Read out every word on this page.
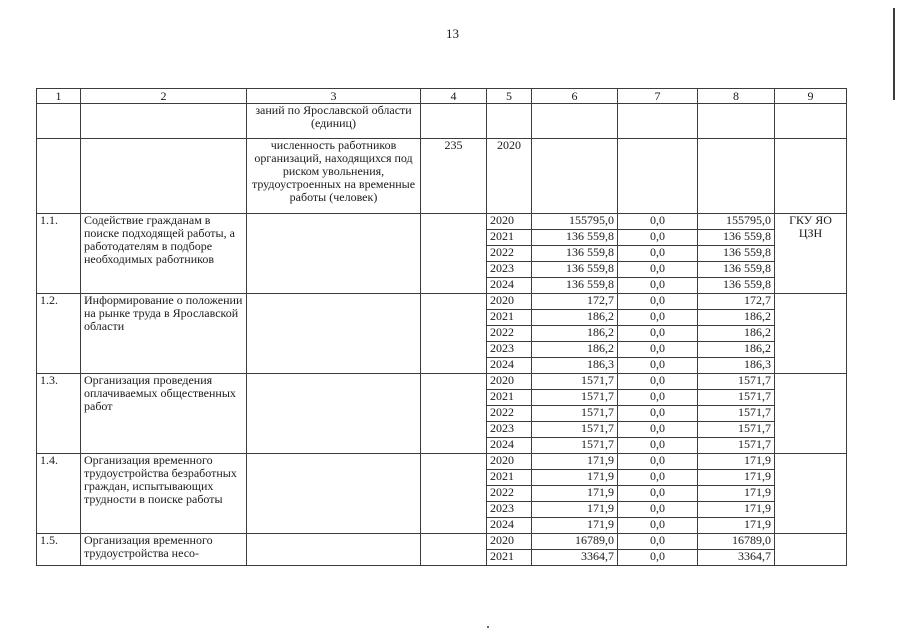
13
1	2	3	4	5	6	7	8	9
		заний по Ярославской области (единиц)						
		численность работников организаций, находящихся под риском увольнения, трудоустроенных на временные работы (человек)	235	2020				
1.1.	Содействие гражданам в поиске подходящей работы, а работодателям в подборе необходимых работников			2020	155795,0	0,0	155795,0	ГКУ ЯО ЦЗН
				2021	136 559,8	0,0	136 559,8	
				2022	136 559,8	0,0	136 559,8	
				2023	136 559,8	0,0	136 559,8	
				2024	136 559,8	0,0	136 559,8	
1.2.	Информирование о положении на рынке труда в Ярославской области			2020	172,7	0,0	172,7	
				2021	186,2	0,0	186,2	
				2022	186,2	0,0	186,2	
				2023	186,2	0,0	186,2	
				2024	186,3	0,0	186,3	
1.3.	Организация проведения оплачиваемых общественных работ			2020	1571,7	0,0	1571,7	
				2021	1571,7	0,0	1571,7	
				2022	1571,7	0,0	1571,7	
				2023	1571,7	0,0	1571,7	
				2024	1571,7	0,0	1571,7	
1.4.	Организация временного трудоустройства безработных граждан, испытывающих трудности в поиске работы			2020	171,9	0,0	171,9	
				2021	171,9	0,0	171,9	
				2022	171,9	0,0	171,9	
				2023	171,9	0,0	171,9	
				2024	171,9	0,0	171,9	
1.5.	Организация временного трудоустройства несо-			2020	16789,0	0,0	16789,0	
				2021	3364,7	0,0	3364,7	
